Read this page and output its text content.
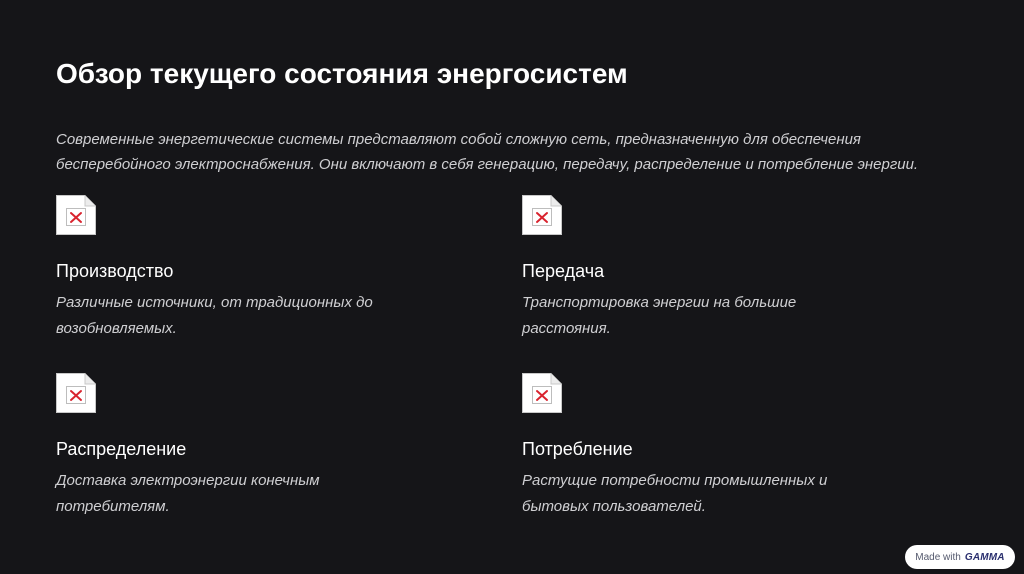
Обзор текущего состояния энергосистем

Современные энергетические системы представляют собой сложную сеть, предназначенную для обеспечения бесперебойного электроснабжения. Они включают в себя генерацию, передачу, распределение и потребление энергии.

Производство

Различные источники, от традиционных до возобновляемых.

Передача

Транспортировка энергии на большие расстояния.

Распределение

Доставка электроэнергии конечным потребителям.

Потребление

Растущие потребности промышленных и бытовых пользователей.

Made with GAMMA
